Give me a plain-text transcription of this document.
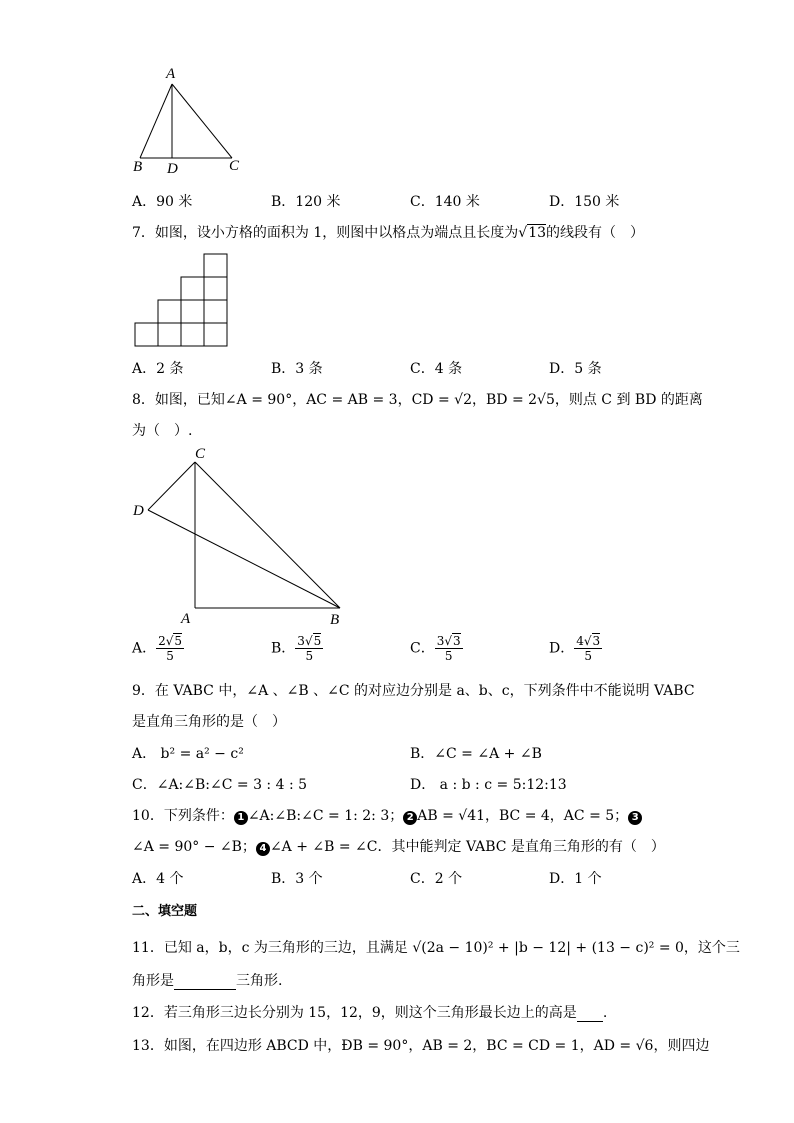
A
B D	C
A．90 米	B．120 米	C．140 米	D．150 米
7．如图，设小方格的面积为 1，则图中以格点为端点且长度为√13的线段有（　）
A．2 条	B．3 条	C．4 条	D．5 条
8．如图，已知∠A = 90°，AC = AB = 3，CD = √2，BD = 2√5，则点 C 到 BD 的距离
为（　）.
C
D
A	B
A． $\frac{2√5}{5}$	B． $\frac{3√5}{5}$	C． $\frac{3√3}{5}$	D． $\frac{4√3}{5}$
9．在 VABC 中，∠A 、∠B 、∠C 的对应边分别是 a、b、c，下列条件中不能说明 VABC
是直角三角形的是（　）
A． b² = a² − c²	B．∠C = ∠A + ∠B
C．∠A:∠B:∠C = 3 : 4 : 5	D． a : b : c = 5:12:13
10．下列条件： 1 ∠A:∠B:∠C = 1: 2: 3； 2 AB = √41，BC = 4，AC = 5； 3
∠A = 90° − ∠B； 4 ∠A + ∠B = ∠C．其中能判定 VABC 是直角三角形的有（　）
A．4 个	B．3 个	C．2 个	D．1 个
二、填空题
11．已知 a，b，c 为三角形的三边，且满足 √(2a − 10)² + |b − 12| + (13 − c)² = 0，这个三
角形是	三角形.
12．若三角形三边长分别为 15，12，9，则这个三角形最长边上的高是 .
13．如图，在四边形 ABCD 中，ÐB = 90°，AB = 2，BC = CD = 1，AD = √6，则四边
